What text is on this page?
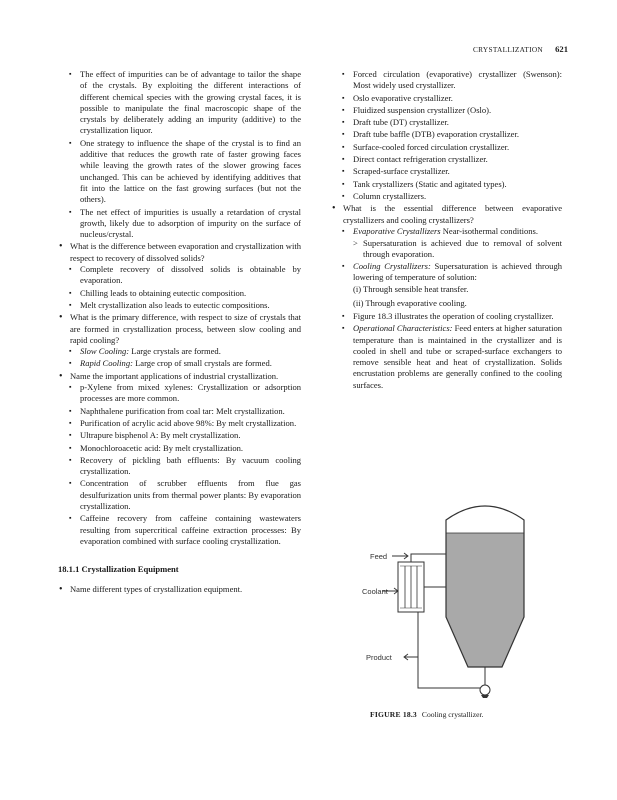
CRYSTALLIZATION 621
▪ The effect of impurities can be of advantage to tailor the shape of the crystals. By exploiting the different interactions of different chemical species with the growing crystal faces, it is possible to manipulate the final macroscopic shape of the crystals by deliberately adding an impurity (additive) to the crystallization liquor.
▪ One strategy to influence the shape of the crystal is to find an additive that reduces the growth rate of faster growing faces while leaving the growth rates of the slower growing faces unchanged. This can be achieved by identifying additives that fit into the lattice on the fast growing surfaces (but not the others).
▪ The net effect of impurities is usually a retardation of crystal growth, likely due to adsorption of impurity on the surface of nucleus/crystal.
• What is the difference between evaporation and crystallization with respect to recovery of dissolved solids?
▪ Complete recovery of dissolved solids is obtainable by evaporation.
▪ Chilling leads to obtaining eutectic composition.
▪ Melt crystallization also leads to eutectic compositions.
• What is the primary difference, with respect to size of crystals that are formed in crystallization process, between slow cooling and rapid cooling?
▪ Slow Cooling: Large crystals are formed.
▪ Rapid Cooling: Large crop of small crystals are formed.
• Name the important applications of industrial crystallization.
▪ p-Xylene from mixed xylenes: Crystallization or adsorption processes are more common.
▪ Naphthalene purification from coal tar: Melt crystallization.
▪ Purification of acrylic acid above 98%: By melt crystallization.
▪ Ultrapure bisphenol A: By melt crystallization.
▪ Monochloroacetic acid: By melt crystallization.
▪ Recovery of pickling bath effluents: By vacuum cooling crystallization.
▪ Concentration of scrubber effluents from flue gas desulfurization units from thermal power plants: By evaporation crystallization.
▪ Caffeine recovery from caffeine containing wastewaters resulting from supercritical caffeine extraction processes: By evaporation combined with surface cooling crystallization.
18.1.1 Crystallization Equipment
• Name different types of crystallization equipment.
▪ Forced circulation (evaporative) crystallizer (Swenson): Most widely used crystallizer.
▪ Oslo evaporative crystallizer.
▪ Fluidized suspension crystallizer (Oslo).
▪ Draft tube (DT) crystallizer.
▪ Draft tube baffle (DTB) evaporation crystallizer.
▪ Surface-cooled forced circulation crystallizer.
▪ Direct contact refrigeration crystallizer.
▪ Scraped-surface crystallizer.
▪ Tank crystallizers (Static and agitated types).
▪ Column crystallizers.
• What is the essential difference between evaporative crystallizers and cooling crystallizers?
▪ Evaporative Crystallizers Near-isothermal conditions.
> Supersaturation is achieved due to removal of solvent through evaporation.
▪ Cooling Crystallizers: Supersaturation is achieved through lowering of temperature of solution:
(i) Through sensible heat transfer.
(ii) Through evaporative cooling.
▪ Figure 18.3 illustrates the operation of cooling crystallizer.
▪ Operational Characteristics: Feed enters at higher saturation temperature than is maintained in the crystallizer and is cooled in shell and tube or scraped-surface exchangers to remove sensible heat and heat of crystallization. Solids encrustation problems are generally confined to the cooling surfaces.
Feed
Coolant
Product
FIGURE 18.3 Cooling crystallizer.
